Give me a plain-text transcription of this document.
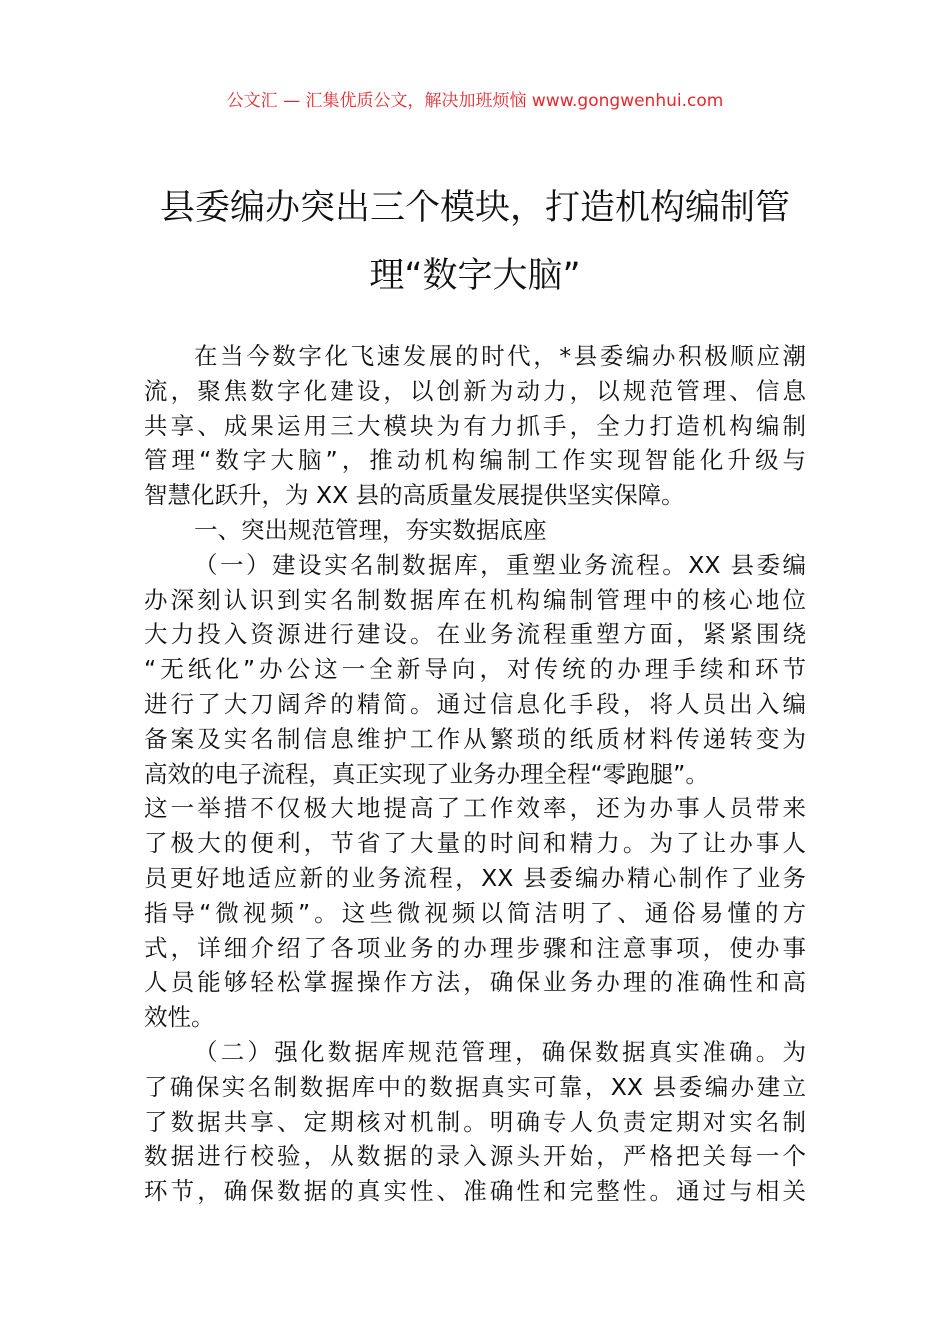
公文汇 — 汇集优质公文，解决加班烦恼 www.gongwenhui.com
县委编办突出三个模块，打造机构编制管
理“数字大脑”
在当今数字化飞速发展的时代，*县委编办积极顺应潮
流，聚焦数字化建设，以创新为动力，以规范管理、信息
共享、成果运用三大模块为有力抓手，全力打造机构编制
管理“数字大脑”，推动机构编制工作实现智能化升级与
智慧化跃升，为 XX 县的高质量发展提供坚实保障。
一、突出规范管理，夯实数据底座
（一）建设实名制数据库，重塑业务流程。XX 县委编
办深刻认识到实名制数据库在机构编制管理中的核心地位
大力投入资源进行建设。在业务流程重塑方面，紧紧围绕
“无纸化”办公这一全新导向，对传统的办理手续和环节
进行了大刀阔斧的精简。通过信息化手段，将人员出入编
备案及实名制信息维护工作从繁琐的纸质材料传递转变为
高效的电子流程，真正实现了业务办理全程“零跑腿”。
这一举措不仅极大地提高了工作效率，还为办事人员带来
了极大的便利，节省了大量的时间和精力。为了让办事人
员更好地适应新的业务流程，XX 县委编办精心制作了业务
指导“微视频”。这些微视频以简洁明了、通俗易懂的方
式，详细介绍了各项业务的办理步骤和注意事项，使办事
人员能够轻松掌握操作方法，确保业务办理的准确性和高
效性。
（二）强化数据库规范管理，确保数据真实准确。为
了确保实名制数据库中的数据真实可靠，XX 县委编办建立
了数据共享、定期核对机制。明确专人负责定期对实名制
数据进行校验，从数据的录入源头开始，严格把关每一个
环节，确保数据的真实性、准确性和完整性。通过与相关
